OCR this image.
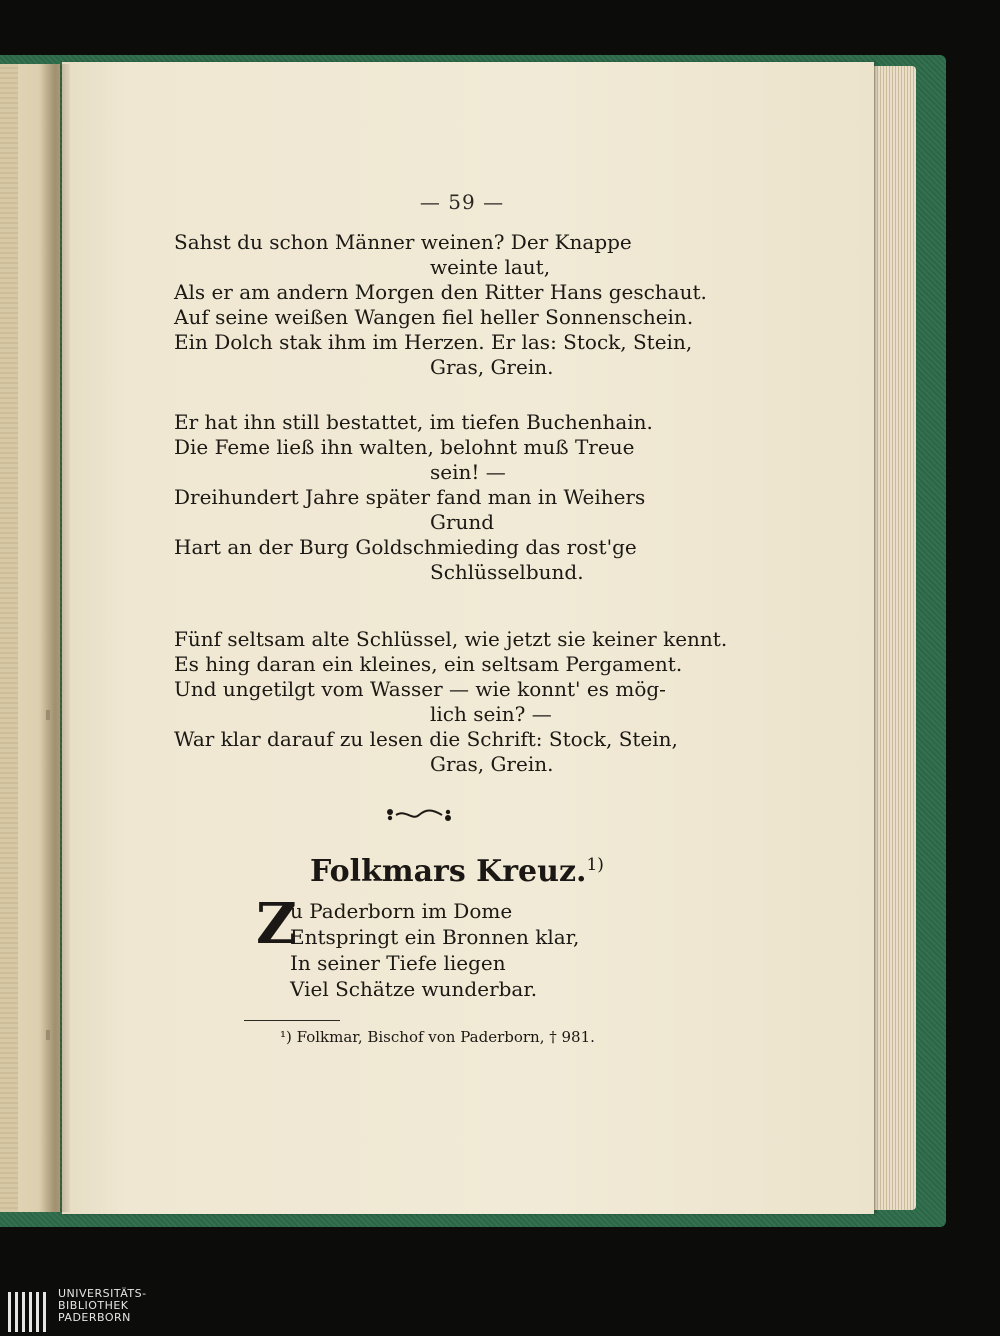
— 59 —
Sahst du schon Männer weinen? Der Knappe
weinte laut,
Als er am andern Morgen den Ritter Hans geschaut.
Auf seine weißen Wangen fiel heller Sonnenschein.
Ein Dolch stak ihm im Herzen. Er las: Stock, Stein,
Gras, Grein.
Er hat ihn still bestattet, im tiefen Buchenhain.
Die Feme ließ ihn walten, belohnt muß Treue
sein! —
Dreihundert Jahre später fand man in Weihers
Grund
Hart an der Burg Goldschmieding das rost'ge
Schlüsselbund.
Fünf seltsam alte Schlüssel, wie jetzt sie keiner kennt.
Es hing daran ein kleines, ein seltsam Pergament.
Und ungetilgt vom Wasser — wie konnt' es mög-
lich sein? —
War klar darauf zu lesen die Schrift: Stock, Stein,
Gras, Grein.
Folkmars Kreuz.$^{1)}$
Z
u Paderborn im Dome
Entspringt ein Bronnen klar,
In seiner Tiefe liegen
Viel Schätze wunderbar.
¹) Folkmar, Bischof von Paderborn, † 981.
UNIVERSITÄTS-
BIBLIOTHEK
PADERBORN
